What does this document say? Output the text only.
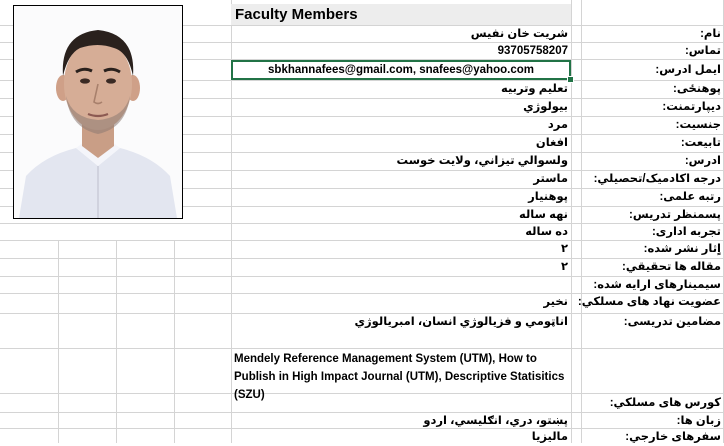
Faculty Members
نام:
شریت خان نفیس
تماس:
93705758207
ایمل ادرس:
sbkhannafees@gmail.com, snafees@yahoo.com
پوهنځی:
تعلیم وتربیه
دیپارتمنت:
بیولوژي
جنسیت:
مرد
تابیعت:
افغان
ادرس:
ولسوالي تیزاني، ولایت خوست
درجه اکادمیک/تحصیلي:
ماستر
رتبه علمی:
پوهنیار
پسمنظر تدریس:
نهه ساله
تجربه اداری:
ده ساله
اٍثار نشر شده:
۲
مقاله ها تحقیقي:
۲
سیمینارهای ارایه شده:
عضویت نهاد های مسلکي:
نخیر
مضامین تدریسی:
اناټومي و فزیالوژي انسان، امبریالوژي
Mendely Reference Management System (UTM), How to Publish in High Impact Journal (UTM), Descriptive Statisitics (SZU)
کورس های مسلکي:
زبان ها:
پښتو، دري، انګلیسي، اردو
سفرهای خارجي:
مالیزیا
